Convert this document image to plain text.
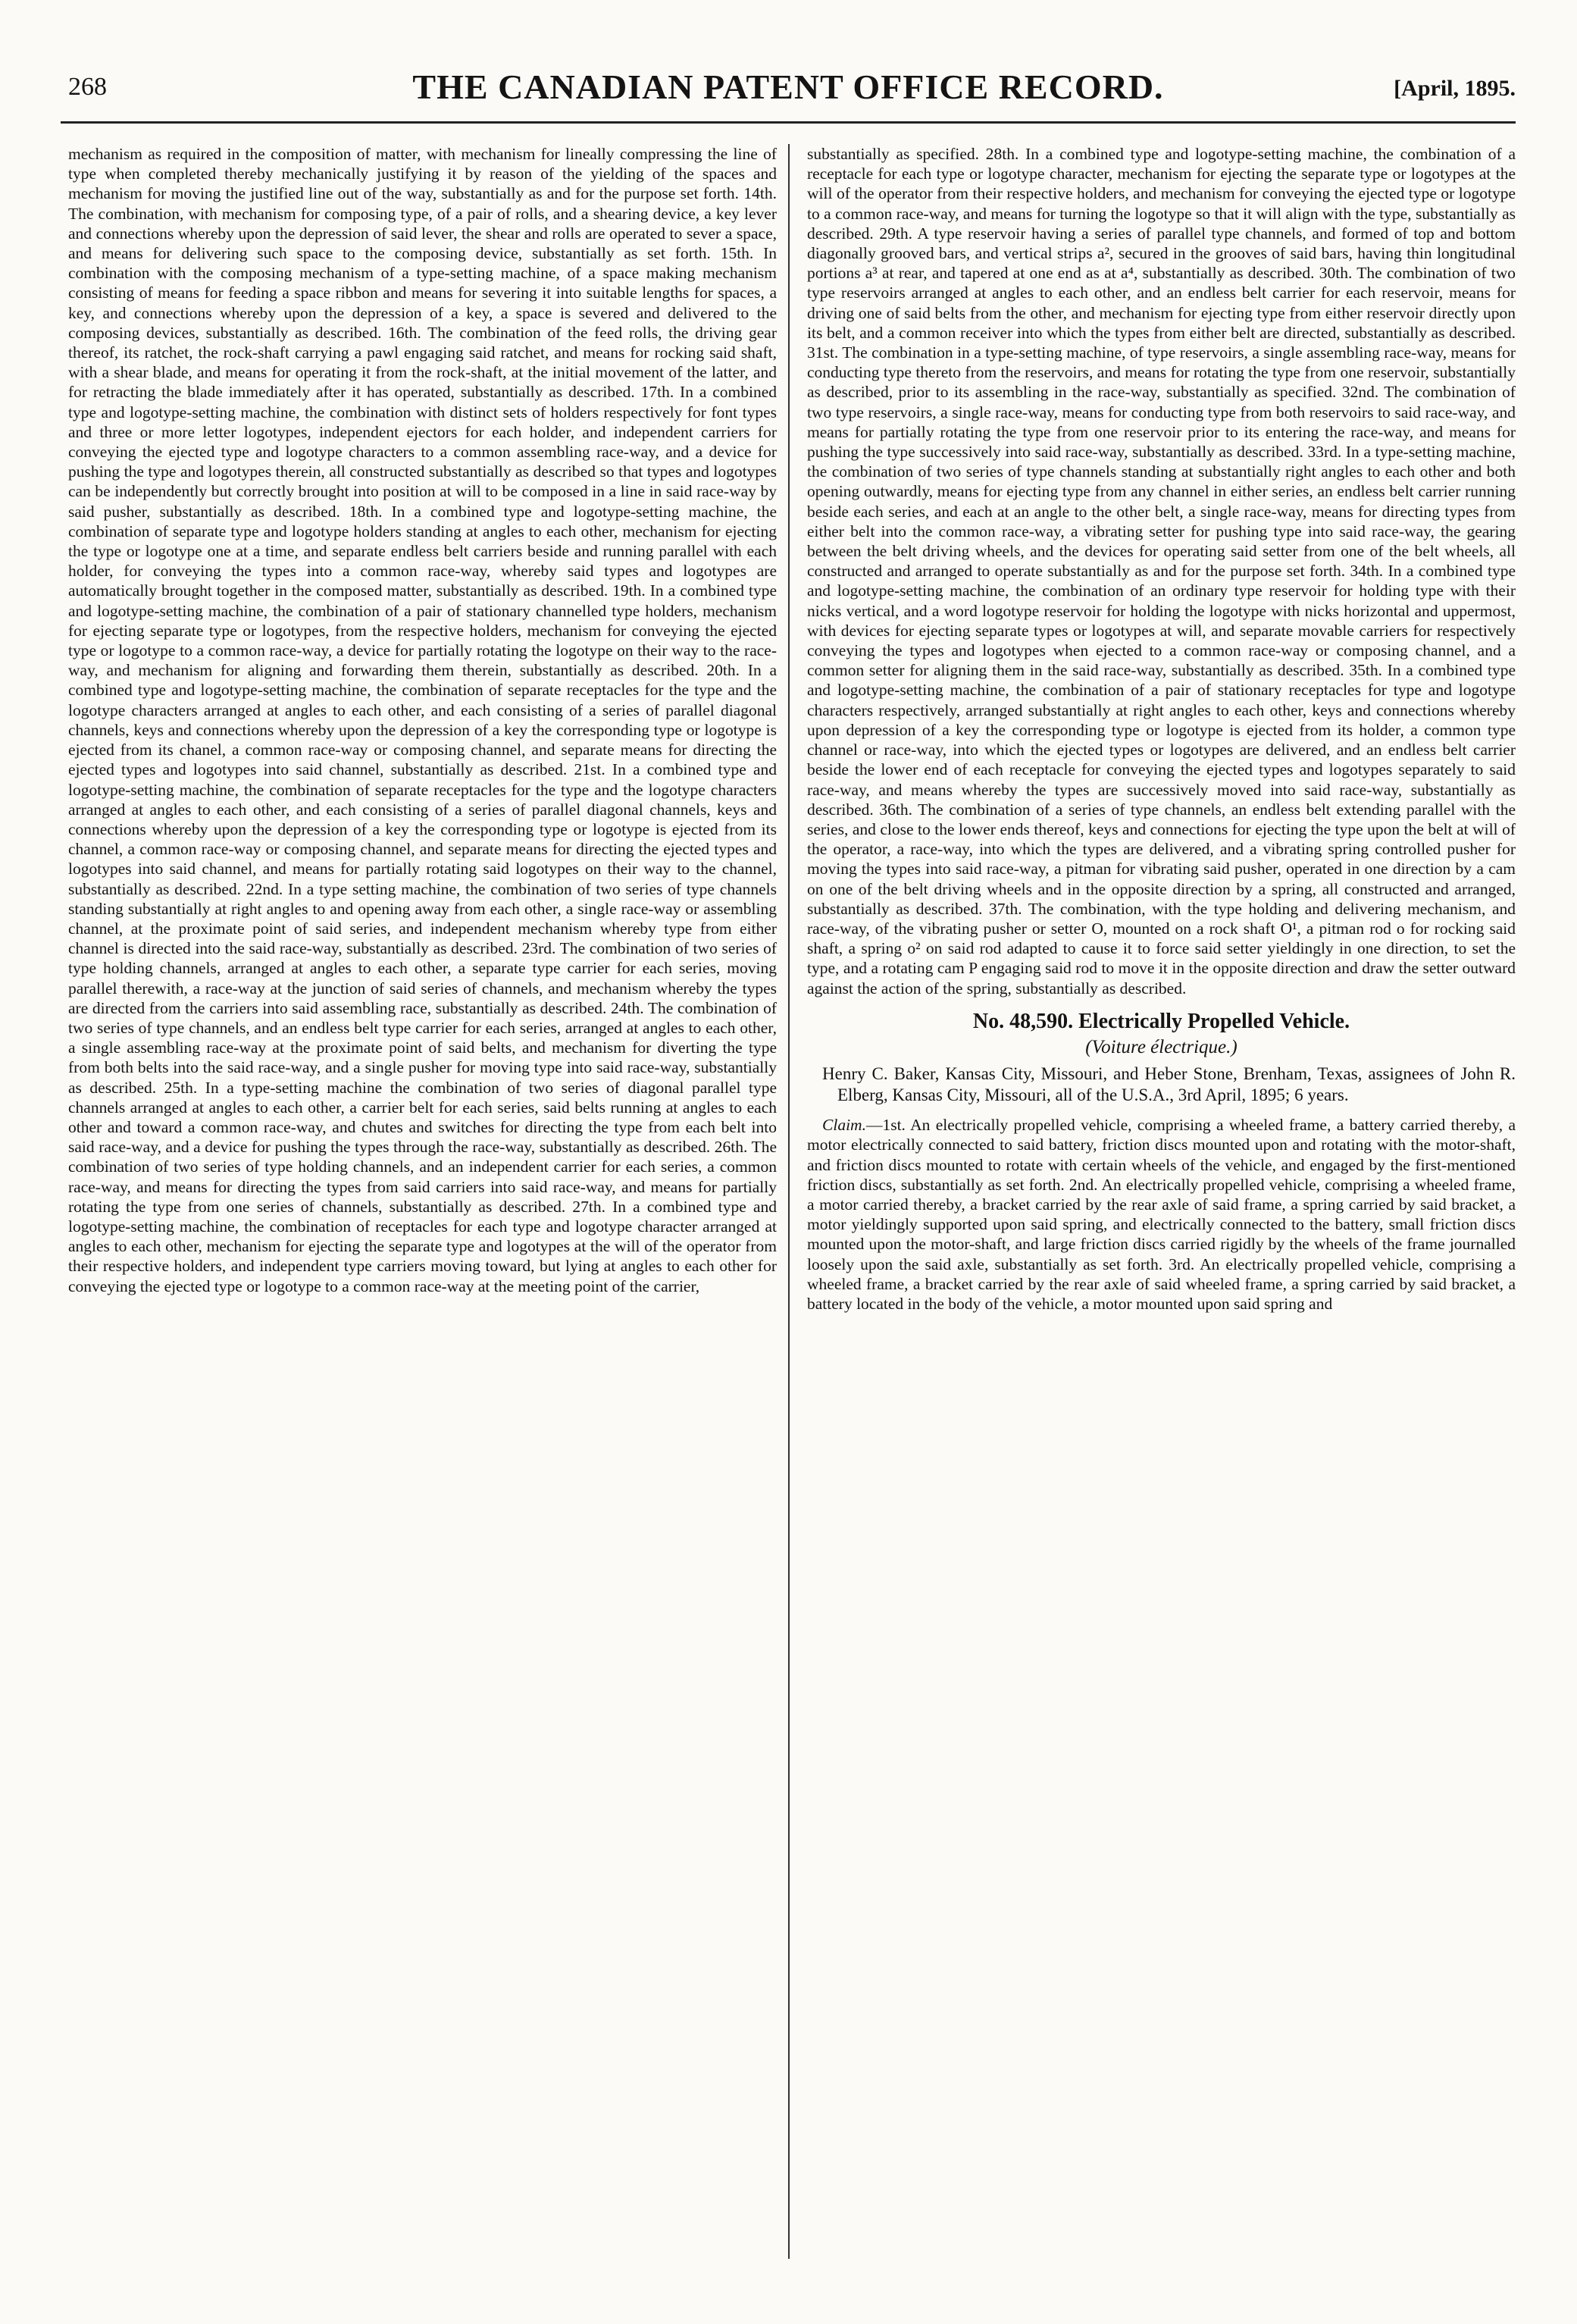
268	THE CANADIAN PATENT OFFICE RECORD.	[April, 1895.

mechanism as required in the composition of matter, with mechanism for lineally compressing the line of type when completed thereby mechanically justifying it by reason of the yielding of the spaces and mechanism for moving the justified line out of the way, substantially as and for the purpose set forth. 14th. The combination, with mechanism for composing type, of a pair of rolls, and a shearing device, a key lever and connections whereby upon the depression of said lever, the shear and rolls are operated to sever a space, and means for delivering such space to the composing device, substantially as set forth. 15th. In combination with the composing mechanism of a type-setting machine, of a space making mechanism consisting of means for feeding a space ribbon and means for severing it into suitable lengths for spaces, a key, and connections whereby upon the depression of a key, a space is severed and delivered to the composing devices, substantially as described. 16th. The combination of the feed rolls, the driving gear thereof, its ratchet, the rock-shaft carrying a pawl engaging said ratchet, and means for rocking said shaft, with a shear blade, and means for operating it from the rock-shaft, at the initial movement of the latter, and for retracting the blade immediately after it has operated, substantially as described. 17th. In a combined type and logotype-setting machine, the combination with distinct sets of holders respectively for font types and three or more letter logotypes, independent ejectors for each holder, and independent carriers for conveying the ejected type and logotype characters to a common assembling race-way, and a device for pushing the type and logotypes therein, all constructed substantially as described so that types and logotypes can be independently but correctly brought into position at will to be composed in a line in said race-way by said pusher, substantially as described. 18th. In a combined type and logotype-setting machine, the combination of separate type and logotype holders standing at angles to each other, mechanism for ejecting the type or logotype one at a time, and separate endless belt carriers beside and running parallel with each holder, for conveying the types into a common race-way, whereby said types and logotypes are automatically brought together in the composed matter, substantially as described. 19th. In a combined type and logotype-setting machine, the combination of a pair of stationary channelled type holders, mechanism for ejecting separate type or logotypes, from the respective holders, mechanism for conveying the ejected type or logotype to a common race-way, a device for partially rotating the logotype on their way to the race-way, and mechanism for aligning and forwarding them therein, substantially as described. 20th. In a combined type and logotype-setting machine, the combination of separate receptacles for the type and the logotype characters arranged at angles to each other, and each consisting of a series of parallel diagonal channels, keys and connections whereby upon the depression of a key the corresponding type or logotype is ejected from its chanel, a common race-way or composing channel, and separate means for directing the ejected types and logotypes into said channel, substantially as described. 21st. In a combined type and logotype-setting machine, the combination of separate receptacles for the type and the logotype characters arranged at angles to each other, and each consisting of a series of parallel diagonal channels, keys and connections whereby upon the depression of a key the corresponding type or logotype is ejected from its channel, a common race-way or composing channel, and separate means for directing the ejected types and logotypes into said channel, and means for partially rotating said logotypes on their way to the channel, substantially as described. 22nd. In a type setting machine, the combination of two series of type channels standing substantially at right angles to and opening away from each other, a single race-way or assembling channel, at the proximate point of said series, and independent mechanism whereby type from either channel is directed into the said race-way, substantially as described. 23rd. The combination of two series of type holding channels, arranged at angles to each other, a separate type carrier for each series, moving parallel therewith, a race-way at the junction of said series of channels, and mechanism whereby the types are directed from the carriers into said assembling race, substantially as described. 24th. The combination of two series of type channels, and an endless belt type carrier for each series, arranged at angles to each other, a single assembling race-way at the proximate point of said belts, and mechanism for diverting the type from both belts into the said race-way, and a single pusher for moving type into said race-way, substantially as described. 25th. In a type-setting machine the combination of two series of diagonal parallel type channels arranged at angles to each other, a carrier belt for each series, said belts running at angles to each other and toward a common race-way, and chutes and switches for directing the type from each belt into said race-way, and a device for pushing the types through the race-way, substantially as described. 26th. The combination of two series of type holding channels, and an independent carrier for each series, a common race-way, and means for directing the types from said carriers into said race-way, and means for partially rotating the type from one series of channels, substantially as described. 27th. In a combined type and logotype-setting machine, the combination of receptacles for each type and logotype character arranged at angles to each other, mechanism for ejecting the separate type and logotypes at the will of the operator from their respective holders, and independent type carriers moving toward, but lying at angles to each other for conveying the ejected type or logotype to a common race-way at the meeting point of the carrier,

substantially as specified. 28th. In a combined type and logotype-setting machine, the combination of a receptacle for each type or logotype character, mechanism for ejecting the separate type or logotypes at the will of the operator from their respective holders, and mechanism for conveying the ejected type or logotype to a common race-way, and means for turning the logotype so that it will align with the type, substantially as described. 29th. A type reservoir having a series of parallel type channels, and formed of top and bottom diagonally grooved bars, and vertical strips a², secured in the grooves of said bars, having thin longitudinal portions a³ at rear, and tapered at one end as at a⁴, substantially as described. 30th. The combination of two type reservoirs arranged at angles to each other, and an endless belt carrier for each reservoir, means for driving one of said belts from the other, and mechanism for ejecting type from either reservoir directly upon its belt, and a common receiver into which the types from either belt are directed, substantially as described. 31st. The combination in a type-setting machine, of type reservoirs, a single assembling race-way, means for conducting type thereto from the reservoirs, and means for rotating the type from one reservoir, substantially as described, prior to its assembling in the race-way, substantially as specified. 32nd. The combination of two type reservoirs, a single race-way, means for conducting type from both reservoirs to said race-way, and means for partially rotating the type from one reservoir prior to its entering the race-way, and means for pushing the type successively into said race-way, substantially as described. 33rd. In a type-setting machine, the combination of two series of type channels standing at substantially right angles to each other and both opening outwardly, means for ejecting type from any channel in either series, an endless belt carrier running beside each series, and each at an angle to the other belt, a single race-way, means for directing types from either belt into the common race-way, a vibrating setter for pushing type into said race-way, the gearing between the belt driving wheels, and the devices for operating said setter from one of the belt wheels, all constructed and arranged to operate substantially as and for the purpose set forth. 34th. In a combined type and logotype-setting machine, the combination of an ordinary type reservoir for holding type with their nicks vertical, and a word logotype reservoir for holding the logotype with nicks horizontal and uppermost, with devices for ejecting separate types or logotypes at will, and separate movable carriers for respectively conveying the types and logotypes when ejected to a common race-way or composing channel, and a common setter for aligning them in the said race-way, substantially as described. 35th. In a combined type and logotype-setting machine, the combination of a pair of stationary receptacles for type and logotype characters respectively, arranged substantially at right angles to each other, keys and connections whereby upon depression of a key the corresponding type or logotype is ejected from its holder, a common type channel or race-way, into which the ejected types or logotypes are delivered, and an endless belt carrier beside the lower end of each receptacle for conveying the ejected types and logotypes separately to said race-way, and means whereby the types are successively moved into said race-way, substantially as described. 36th. The combination of a series of type channels, an endless belt extending parallel with the series, and close to the lower ends thereof, keys and connections for ejecting the type upon the belt at will of the operator, a race-way, into which the types are delivered, and a vibrating spring controlled pusher for moving the types into said race-way, a pitman for vibrating said pusher, operated in one direction by a cam on one of the belt driving wheels and in the opposite direction by a spring, all constructed and arranged, substantially as described. 37th. The combination, with the type holding and delivering mechanism, and race-way, of the vibrating pusher or setter O, mounted on a rock shaft O¹, a pitman rod o for rocking said shaft, a spring o² on said rod adapted to cause it to force said setter yieldingly in one direction, to set the type, and a rotating cam P engaging said rod to move it in the opposite direction and draw the setter outward against the action of the spring, substantially as described.

No. 48,590. Electrically Propelled Vehicle.

(Voiture électrique.)

Henry C. Baker, Kansas City, Missouri, and Heber Stone, Brenham, Texas, assignees of John R. Elberg, Kansas City, Missouri, all of the U.S.A., 3rd April, 1895; 6 years.

Claim.—1st. An electrically propelled vehicle, comprising a wheeled frame, a battery carried thereby, a motor electrically connected to said battery, friction discs mounted upon and rotating with the motor-shaft, and friction discs mounted to rotate with certain wheels of the vehicle, and engaged by the first-mentioned friction discs, substantially as set forth. 2nd. An electrically propelled vehicle, comprising a wheeled frame, a motor carried thereby, a bracket carried by the rear axle of said frame, a spring carried by said bracket, a motor yieldingly supported upon said spring, and electrically connected to the battery, small friction discs mounted upon the motor-shaft, and large friction discs carried rigidly by the wheels of the frame journalled loosely upon the said axle, substantially as set forth. 3rd. An electrically propelled vehicle, comprising a wheeled frame, a bracket carried by the rear axle of said wheeled frame, a spring carried by said bracket, a battery located in the body of the vehicle, a motor mounted upon said spring and
